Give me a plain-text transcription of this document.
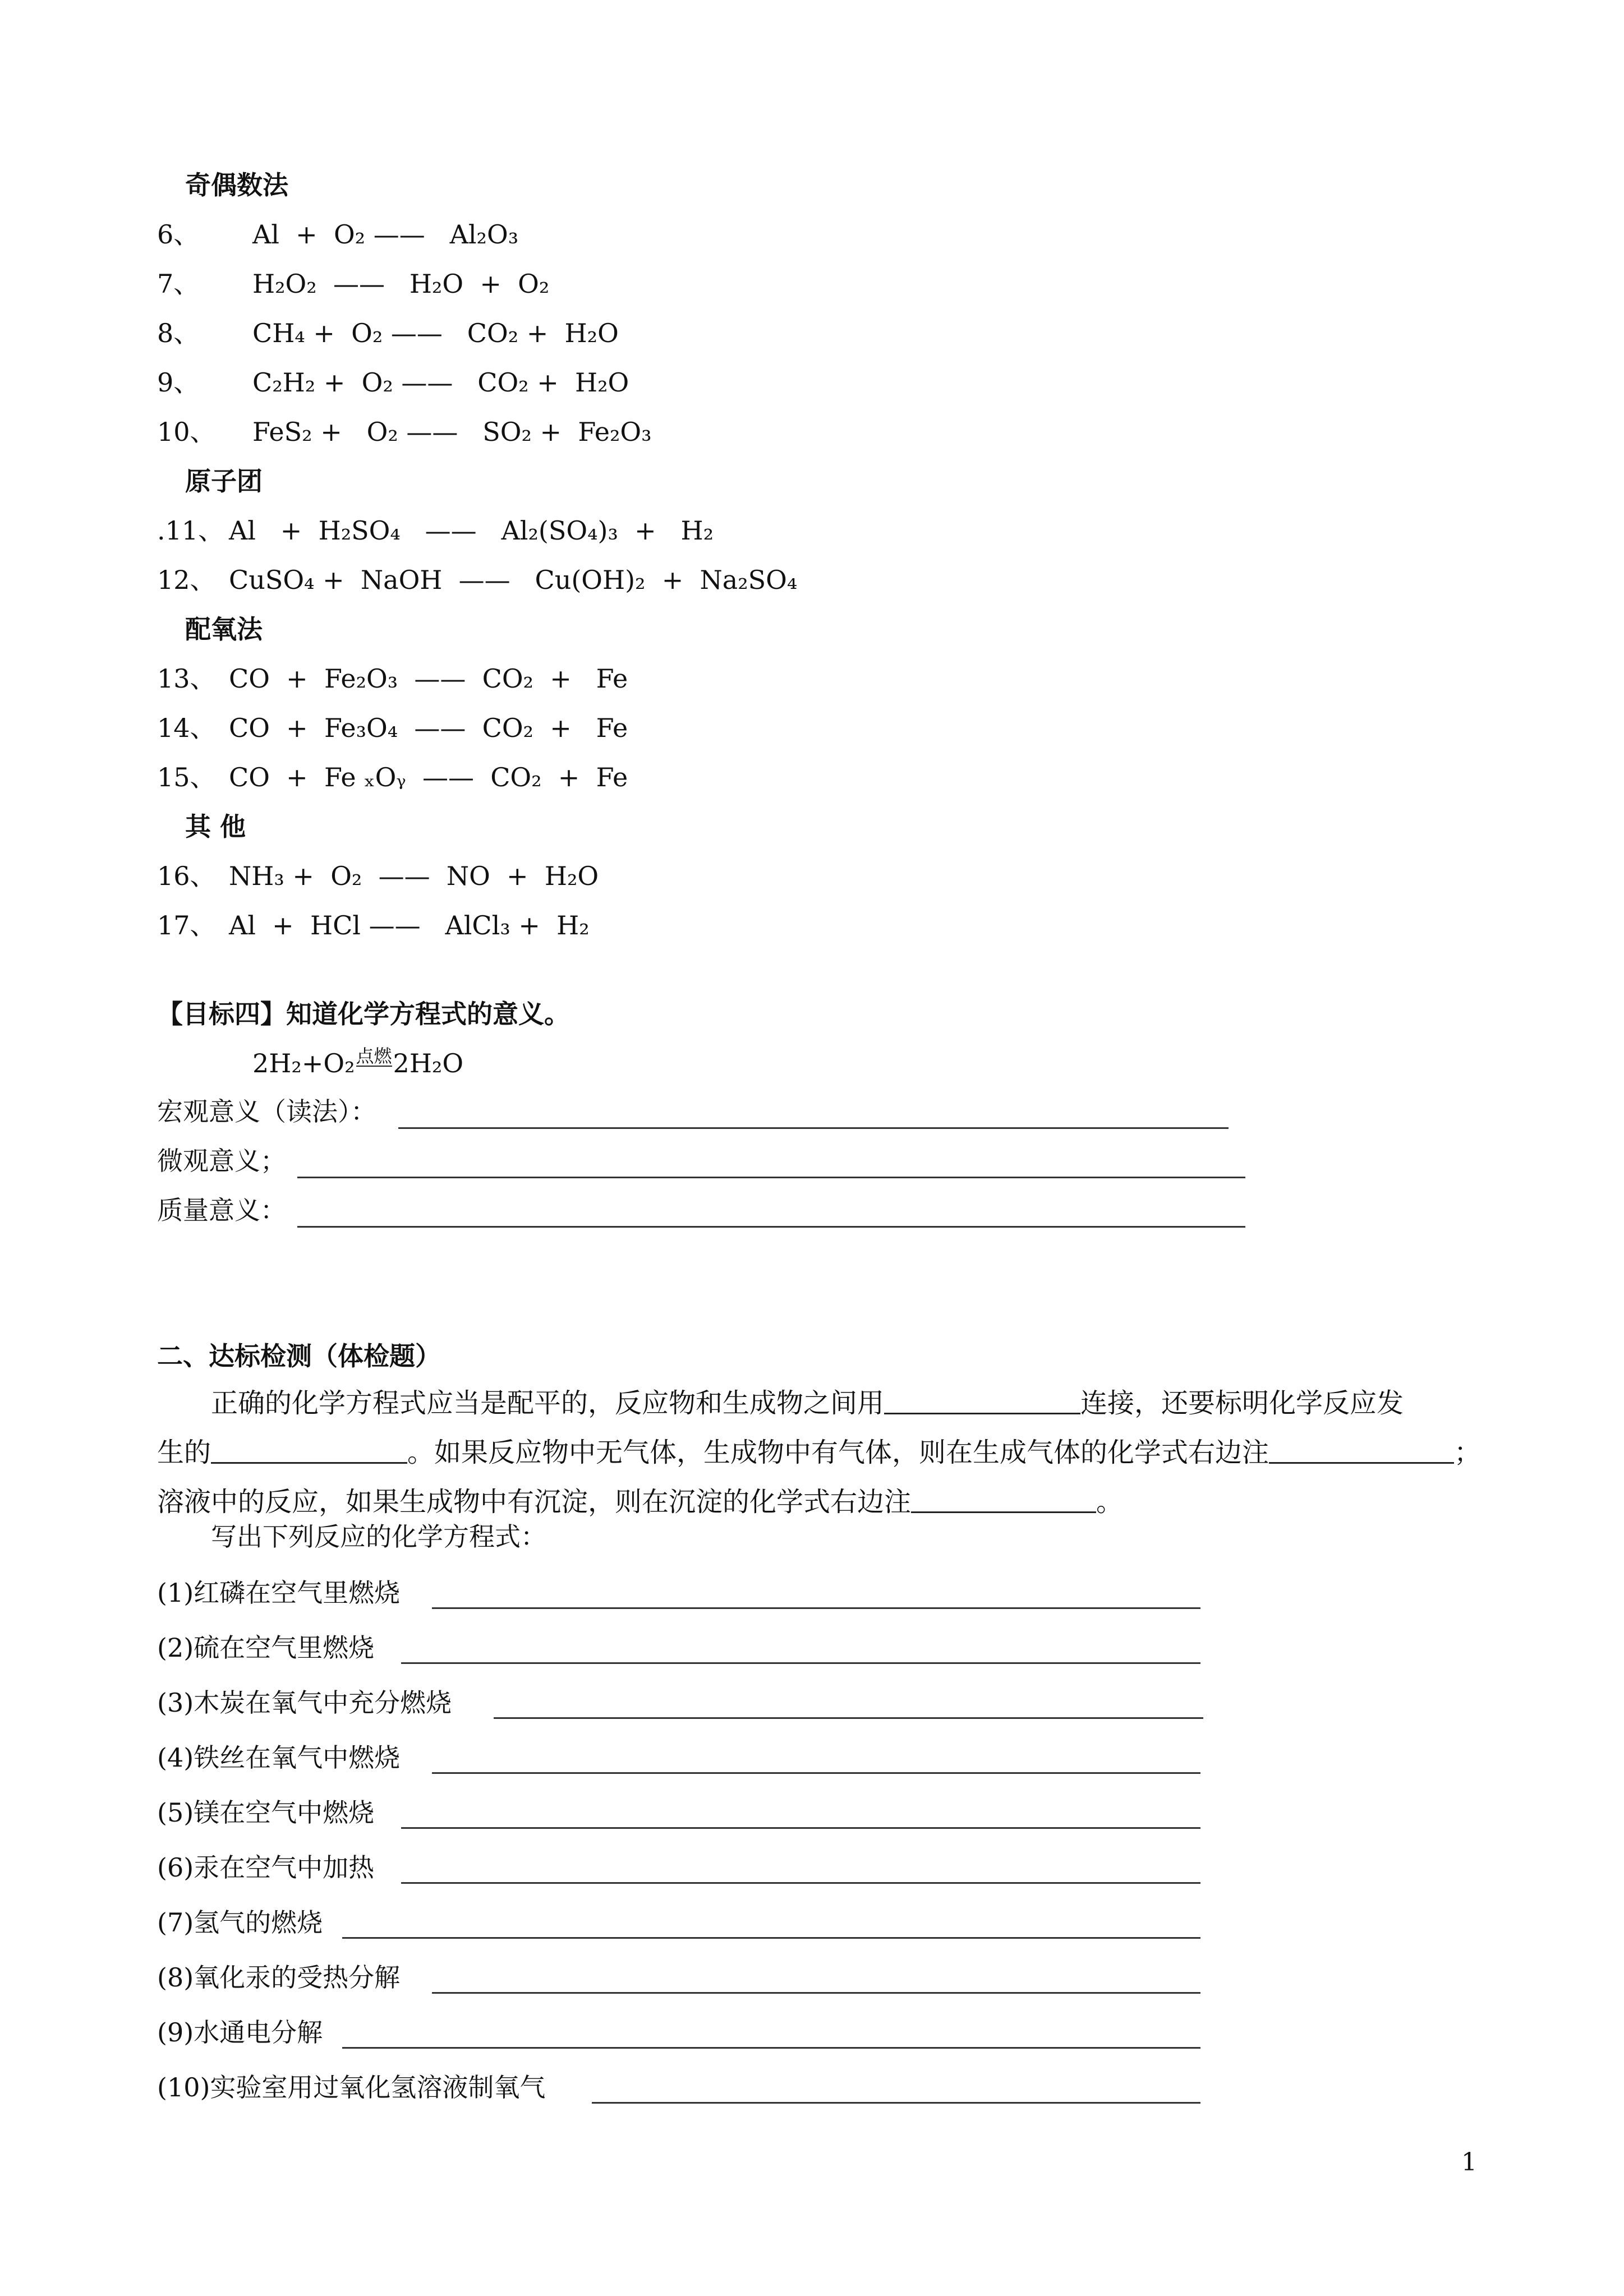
奇偶数法
6、 Al  +  O₂ ——   Al₂O₃
7、 H₂O₂  ——   H₂O  +  O₂
8、 CH₄ +  O₂ ——   CO₂ +  H₂O
9、 C₂H₂ +  O₂ ——   CO₂ +  H₂O
10、 FeS₂ +   O₂ ——   SO₂ +  Fe₂O₃
原子团
.11、 Al   +  H₂SO₄   ——   Al₂(SO₄)₃  +   H₂
12、 CuSO₄ +  NaOH  ——   Cu(OH)₂  +  Na₂SO₄
配氧法
13、 CO  +  Fe₂O₃  ——  CO₂  +   Fe
14、 CO  +  Fe₃O₄  ——  CO₂  +   Fe
15、 CO  +  Fe ₓOᵧ  ——  CO₂  +  Fe
其 他
16、 NH₃ +  O₂  ——  NO  +  H₂O
17、 Al  +  HCl ——   AlCl₃ +  H₂
【目标四】知道化学方程式的意义。
2H₂+O₂点燃2H₂O
宏观意义（读法）：
微观意义；
质量意义：
二、达标检测（体检题）
正确的化学方程式应当是配平的，反应物和生成物之间用	连接，还要标明化学反应发
生的	。如果反应物中无气体，生成物中有气体，则在生成气体的化学式右边注	；
溶液中的反应，如果生成物中有沉淀，则在沉淀的化学式右边注	。
写出下列反应的化学方程式：
(1)红磷在空气里燃烧
(2)硫在空气里燃烧
(3)木炭在氧气中充分燃烧
(4)铁丝在氧气中燃烧
(5)镁在空气中燃烧
(6)汞在空气中加热
(7)氢气的燃烧
(8)氧化汞的受热分解
(9)水通电分解
(10)实验室用过氧化氢溶液制氧气
1
